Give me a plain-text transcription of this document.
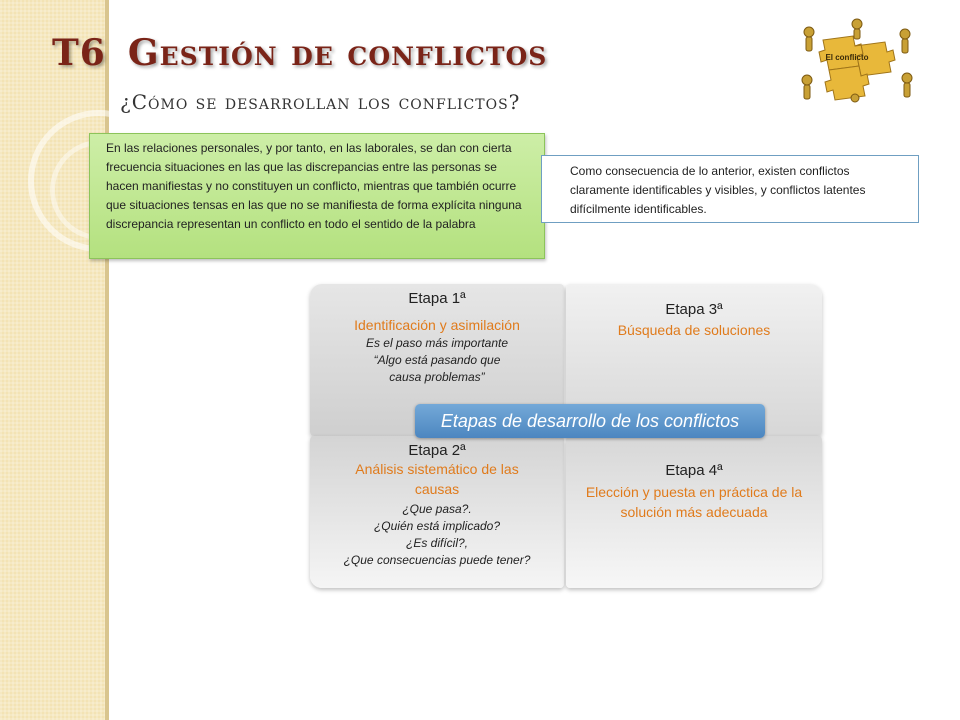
T6 Gestión de conflictos
¿Cómo se desarrollan los conflictos?
El conflicto
En las relaciones personales, y por tanto, en las laborales, se dan con cierta frecuencia situaciones en las que las discrepancias entre las personas se hacen manifiestas y no constituyen un conflicto, mientras que también ocurre que situaciones tensas en las que no se manifiesta de forma explícita ninguna discrepancia representan un conflicto en todo el sentido de la palabra
Como consecuencia de lo anterior, existen conflictos claramente identificables y visibles, y conflictos latentes difícilmente identificables.
Etapa 1ª
Identificación y asimilación
Es el paso más importante
“Algo está pasando que causa problemas”
Etapa 3ª
Búsqueda de soluciones
Etapa 2ª
Análisis sistemático de las causas
¿Que pasa?.
¿Quién está implicado?
¿Es difícil?,
¿Que consecuencias puede tener?
Etapa 4ª
Elección y puesta en práctica de la solución más adecuada
Etapas de desarrollo de los conflictos
